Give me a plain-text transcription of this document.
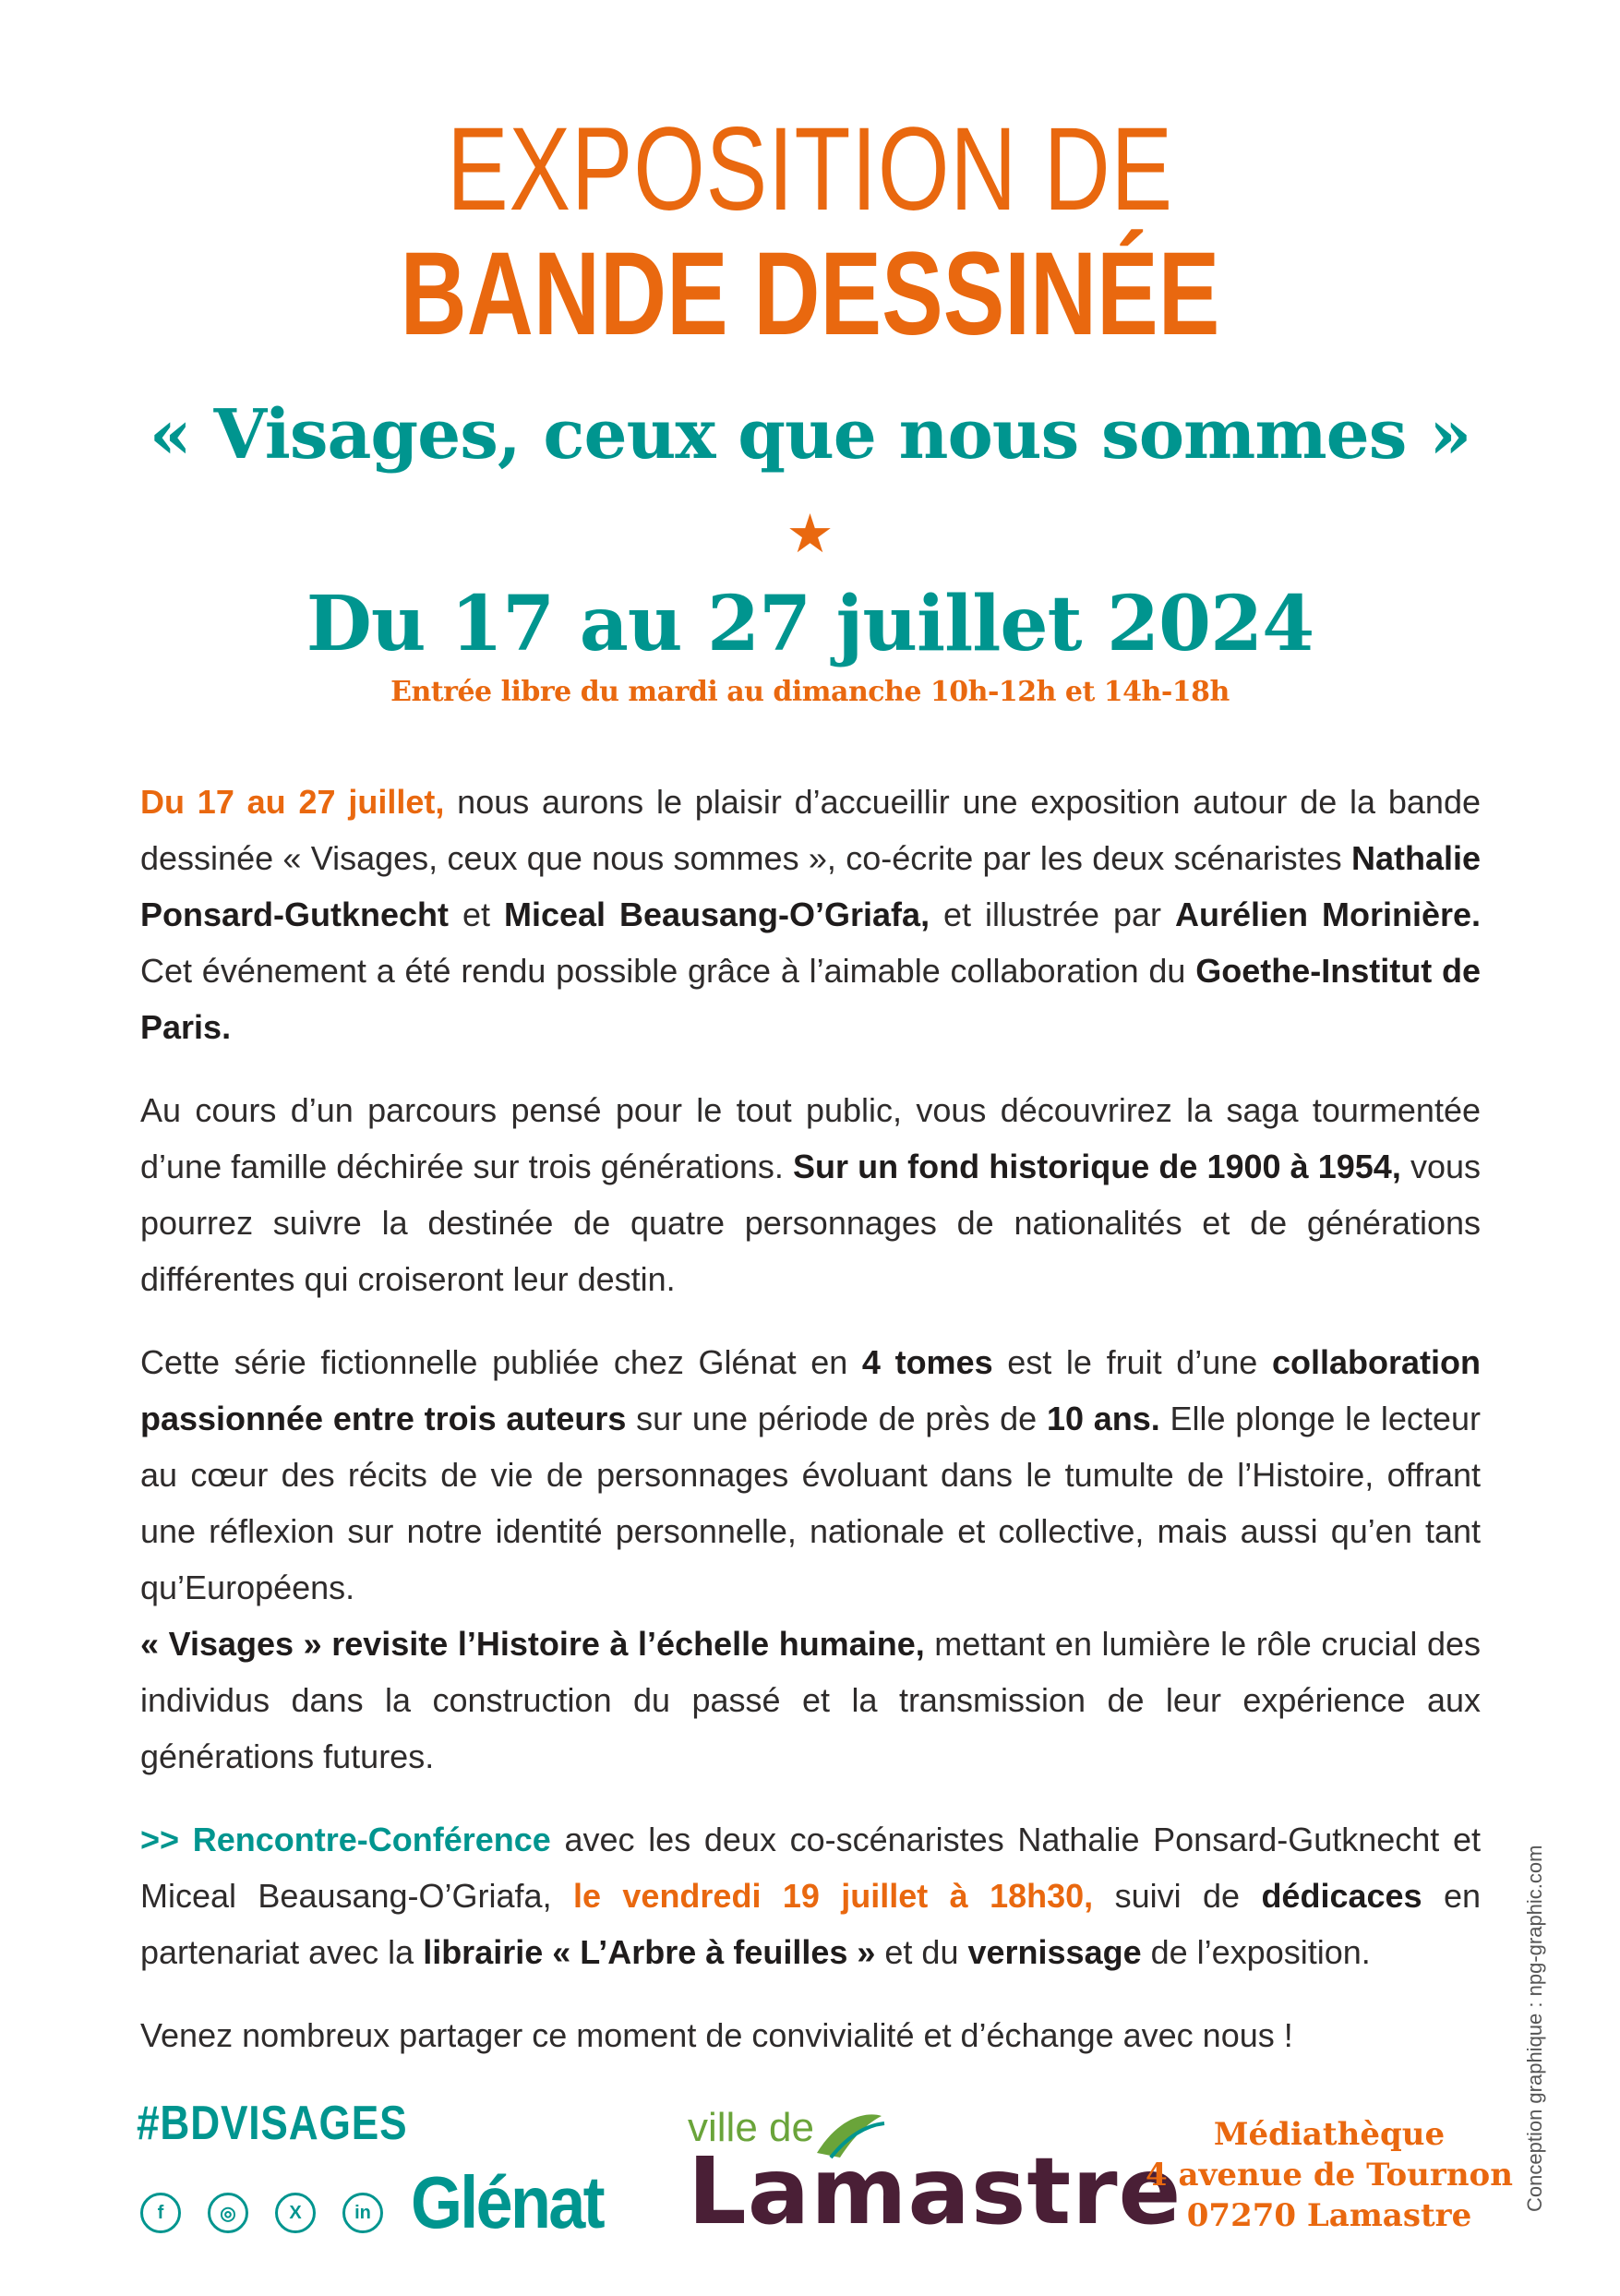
EXPOSITION DE
BANDE DESSINÉE
« Visages, ceux que nous sommes »
★
Du 17 au 27 juillet 2024
Entrée libre du mardi au dimanche 10h-12h et 14h-18h

Du 17 au 27 juillet, nous aurons le plaisir d’accueillir une exposition autour de la bande dessinée « Visages, ceux que nous sommes », co-écrite par les deux scénaristes Nathalie Ponsard-Gutknecht et Miceal Beausang-O’Griafa, et illustrée par Aurélien Morinière. Cet événement a été rendu possible grâce à l’aimable collaboration du Goethe-Institut de Paris.

Au cours d’un parcours pensé pour le tout public, vous découvrirez la saga tourmentée d’une famille déchirée sur trois générations. Sur un fond historique de 1900 à 1954, vous pourrez suivre la destinée de quatre personnages de nationalités et de générations différentes qui croiseront leur destin.

Cette série fictionnelle publiée chez Glénat en 4 tomes est le fruit d’une collaboration passionnée entre trois auteurs sur une période de près de 10 ans. Elle plonge le lecteur au cœur des récits de vie de personnages évoluant dans le tumulte de l’Histoire, offrant une réflexion sur notre identité personnelle, nationale et collective, mais aussi qu’en tant qu’Européens.

« Visages » revisite l’Histoire à l’échelle humaine, mettant en lumière le rôle crucial des individus dans la construction du passé et la transmission de leur expérience aux générations futures.

>> Rencontre-Conférence avec les deux co-scénaristes Nathalie Ponsard-Gutknecht et Miceal Beausang-O’Griafa, le vendredi 19 juillet à 18h30, suivi de dédicaces en partenariat avec la librairie « L’Arbre à feuilles » et du vernissage de l’exposition.

Venez nombreux partager ce moment de convivialité et d’échange avec nous !	Conception graphique : npg-graphic.com
#BDVISAGES
f	◎	X	in Glénat
ville de
Lamastre
Médiathèque
4 avenue de Tournon
07270 Lamastre
